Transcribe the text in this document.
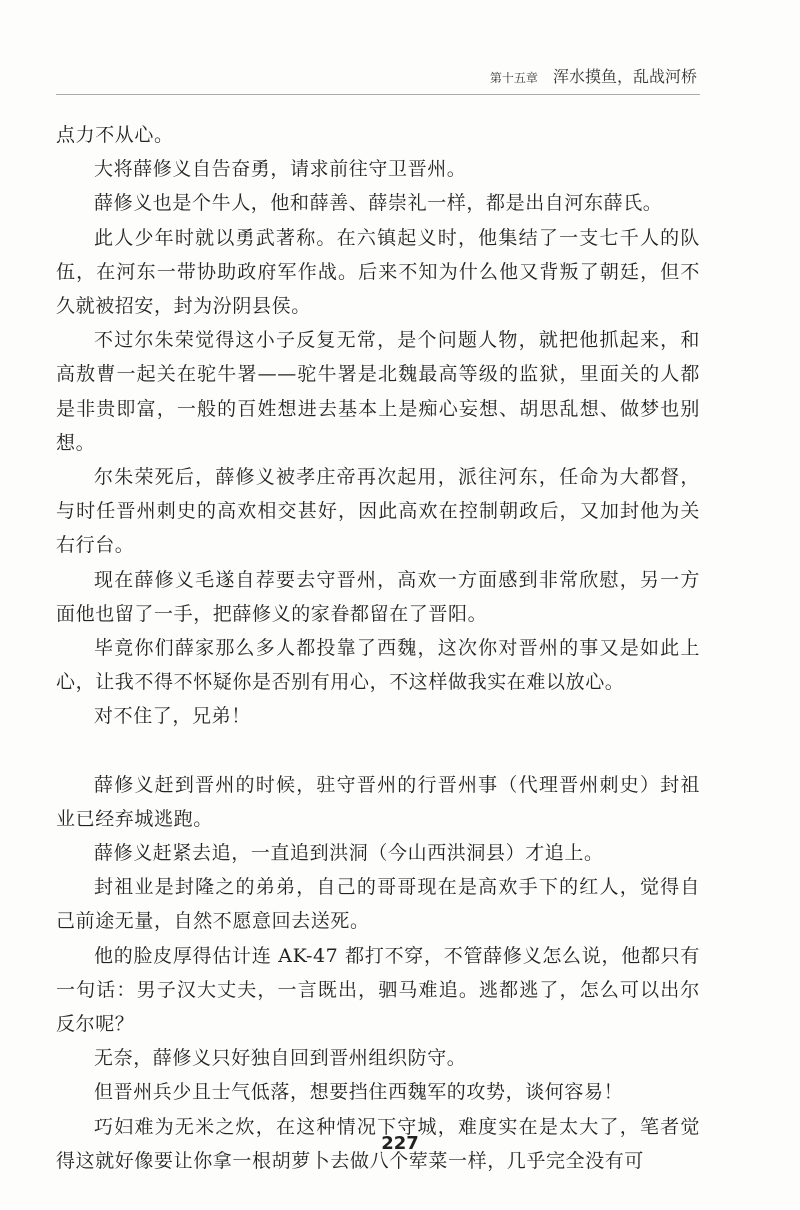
第十五章 浑水摸鱼，乱战河桥

点力不从心。

大将薛修义自告奋勇，请求前往守卫晋州。

薛修义也是个牛人，他和薛善、薛崇礼一样，都是出自河东薛氏。

此人少年时就以勇武著称。在六镇起义时，他集结了一支七千人的队伍，在河东一带协助政府军作战。后来不知为什么他又背叛了朝廷，但不久就被招安，封为汾阴县侯。

不过尔朱荣觉得这小子反复无常，是个问题人物，就把他抓起来，和高敖曹一起关在驼牛署——驼牛署是北魏最高等级的监狱，里面关的人都是非贵即富，一般的百姓想进去基本上是痴心妄想、胡思乱想、做梦也别想。

尔朱荣死后，薛修义被孝庄帝再次起用，派往河东，任命为大都督，与时任晋州刺史的高欢相交甚好，因此高欢在控制朝政后，又加封他为关右行台。

现在薛修义毛遂自荐要去守晋州，高欢一方面感到非常欣慰，另一方面他也留了一手，把薛修义的家眷都留在了晋阳。

毕竟你们薛家那么多人都投靠了西魏，这次你对晋州的事又是如此上心，让我不得不怀疑你是否别有用心，不这样做我实在难以放心。

对不住了，兄弟！

薛修义赶到晋州的时候，驻守晋州的行晋州事（代理晋州刺史）封祖业已经弃城逃跑。

薛修义赶紧去追，一直追到洪洞（今山西洪洞县）才追上。

封祖业是封隆之的弟弟，自己的哥哥现在是高欢手下的红人，觉得自己前途无量，自然不愿意回去送死。

他的脸皮厚得估计连 AK-47 都打不穿，不管薛修义怎么说，他都只有一句话：男子汉大丈夫，一言既出，驷马难追。逃都逃了，怎么可以出尔反尔呢？

无奈，薛修义只好独自回到晋州组织防守。

但晋州兵少且士气低落，想要挡住西魏军的攻势，谈何容易！

巧妇难为无米之炊，在这种情况下守城，难度实在是太大了，笔者觉得这就好像要让你拿一根胡萝卜去做八个荤菜一样，几乎完全没有可

227
